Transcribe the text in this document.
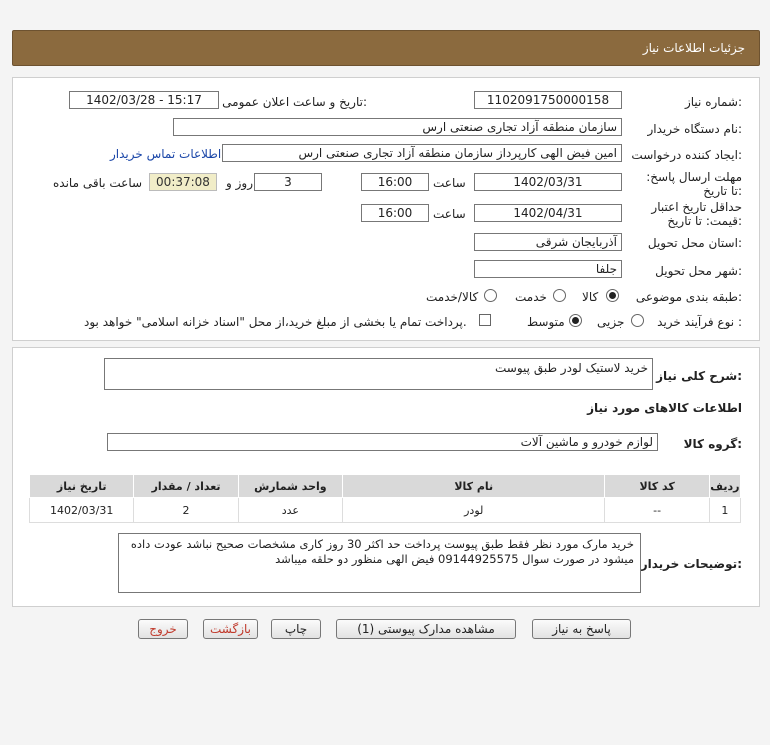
جزئیات اطلاعات نیاز
شماره نیاز:
1102091750000158
تاریخ و ساعت اعلان عمومی:
1402/03/28 - 15:17
نام دستگاه خریدار:
سازمان منطقه آزاد تجاری صنعتی ارس
ایجاد کننده درخواست:
امین فیض الهی کارپرداز سازمان منطقه آزاد تجاری صنعتی ارس
اطلاعات تماس خریدار
مهلت ارسال پاسخ: تا تاریخ:
1402/03/31
ساعت
16:00
3
روز و
00:37:08
ساعت باقی مانده
حداقل تاریخ اعتبار قیمت: تا تاریخ:
1402/04/31
ساعت
16:00
استان محل تحویل:
آذربایجان شرقی
شهر محل تحویل:
جلفا
طبقه بندی موضوعی:
کالا
خدمت
کالا/خدمت
نوع فرآیند خرید :
جزیی
متوسط
پرداخت تمام یا بخشی از مبلغ خرید،از محل "اسناد خزانه اسلامی" خواهد بود.
شرح کلی نیاز:
خرید لاستیک لودر طبق پیوست
اطلاعات کالاهای مورد نیاز
گروه کالا:
لوازم خودرو و ماشین آلات
ردیف	کد کالا	نام کالا	واحد شمارش	تعداد / مقدار	تاریخ نیاز
1	--	لودر	عدد	2	1402/03/31
توضیحات خریدار:
خرید مارک مورد نظر فقط طبق پیوست پرداخت حد اکثر 30 روز کاری مشخصات صحیح نباشد عودت داده میشود در صورت سوال 09144925575 فیض الهی منظور دو حلقه میباشد
پاسخ به نیاز
مشاهده مدارک پیوستی (1)
چاپ
بازگشت
خروج
